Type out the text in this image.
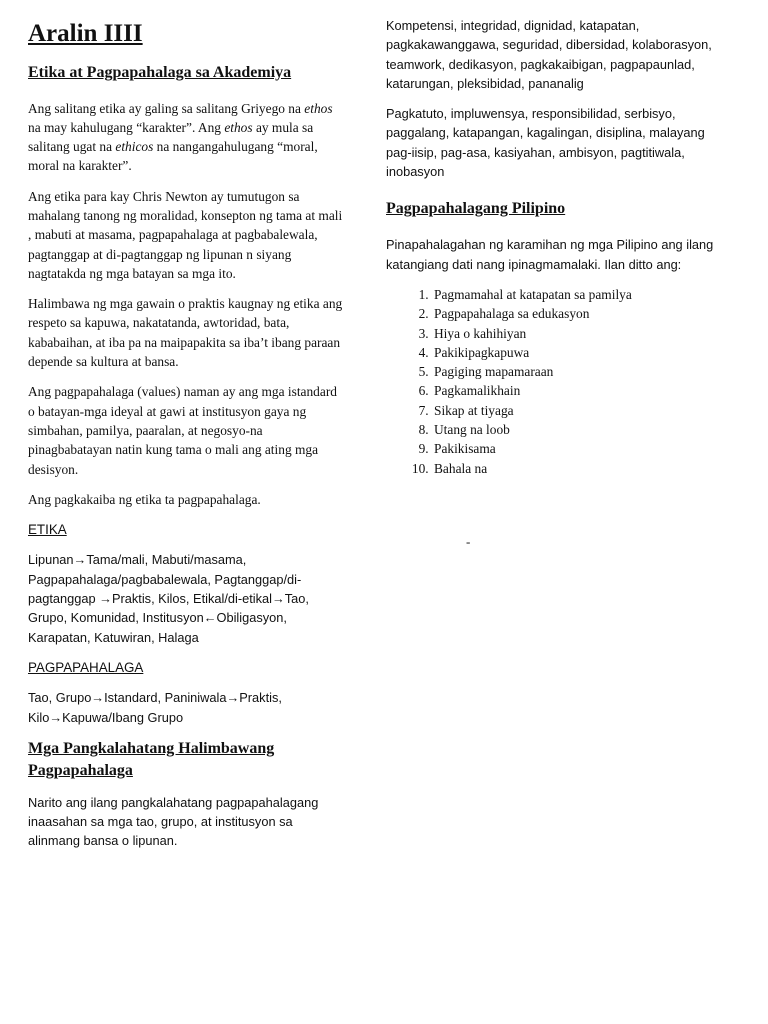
Aralin IIII
Etika at Pagpapahalaga sa Akademiya

Ang salitang etika ay galing sa salitang Griyego na ethos na may kahulugang “karakter”. Ang ethos ay mula sa salitang ugat na ethicos na nangangahulugang “moral, moral na karakter”.

Ang etika para kay Chris Newton ay tumutugon sa mahalang tanong ng moralidad, konsepton ng tama at mali , mabuti at masama, pagpapahalaga at pagbabalewala, pagtanggap at di-pagtanggap ng lipunan n siyang nagtatakda ng mga batayan sa mga ito.

Halimbawa ng mga gawain o praktis kaugnay ng etika ang respeto sa kapuwa, nakatatanda, awtoridad, bata, kababaihan, at iba pa na maipapakita sa iba’t ibang paraan depende sa kultura at bansa.

Ang pagpapahalaga (values) naman ay ang mga istandard o batayan-mga ideyal at gawi at institusyon gaya ng simbahan, pamilya, paaralan, at negosyo-na pinagbabatayan natin kung tama o mali ang ating mga desisyon.

Ang pagkakaiba ng etika ta pagpapahalaga.

ETIKA

Lipunan→Tama/mali, Mabuti/masama, Pagpapahalaga/pagbabalewala, Pagtanggap/di-pagtanggap →Praktis, Kilos, Etikal/di-etikal→Tao, Grupo, Komunidad, Institusyon←Obiligasyon, Karapatan, Katuwiran, Halaga

PAGPAPAHALAGA

Tao, Grupo→Istandard, Paniniwala→Praktis, Kilo→Kapuwa/Ibang Grupo

Mga Pangkalahatang Halimbawang Pagpapahalaga

Narito ang ilang pangkalahatang pagpapahalagang inaasahan sa mga tao, grupo, at institusyon sa alinmang bansa o lipunan.

Kompetensi, integridad, dignidad, katapatan, pagkakawanggawa, seguridad, dibersidad, kolaborasyon, teamwork, dedikasyon, pagkakaibigan, pagpapaunlad, katarungan, pleksibidad, pananalig

Pagkatuto, impluwensya, responsibilidad, serbisyo, paggalang, katapangan, kagalingan, disiplina, malayang pag-iisip, pag-asa, kasiyahan, ambisyon, pagtitiwala, inobasyon

Pagpapahalagang Pilipino

Pinapahalagahan ng karamihan ng mga Pilipino ang ilang katangiang dati nang ipinagmamalaki. Ilan ditto ang:

1. Pagmamahal at katapatan sa pamilya
2. Pagpapahalaga sa edukasyon
3. Hiya o kahihiyan
4. Pakikipagkapuwa
5. Pagiging mapamaraan
6. Pagkamalikhain
7. Sikap at tiyaga
8. Utang na loob
9. Pakikisama
10. Bahala na
-
